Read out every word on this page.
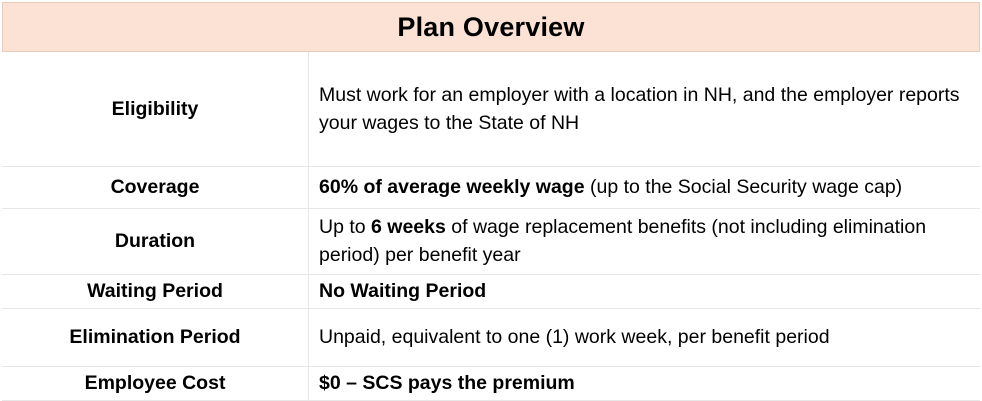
Plan Overview
Eligibility	Must work for an employer with a location in NH, and the employer reports your wages to the State of NH
Coverage	60% of average weekly wage (up to the Social Security wage cap)
Duration	Up to 6 weeks of wage replacement benefits (not including elimination period) per benefit year
Waiting Period	No Waiting Period
Elimination Period	Unpaid, equivalent to one (1) work week, per benefit period
Employee Cost	$0 – SCS pays the premium
